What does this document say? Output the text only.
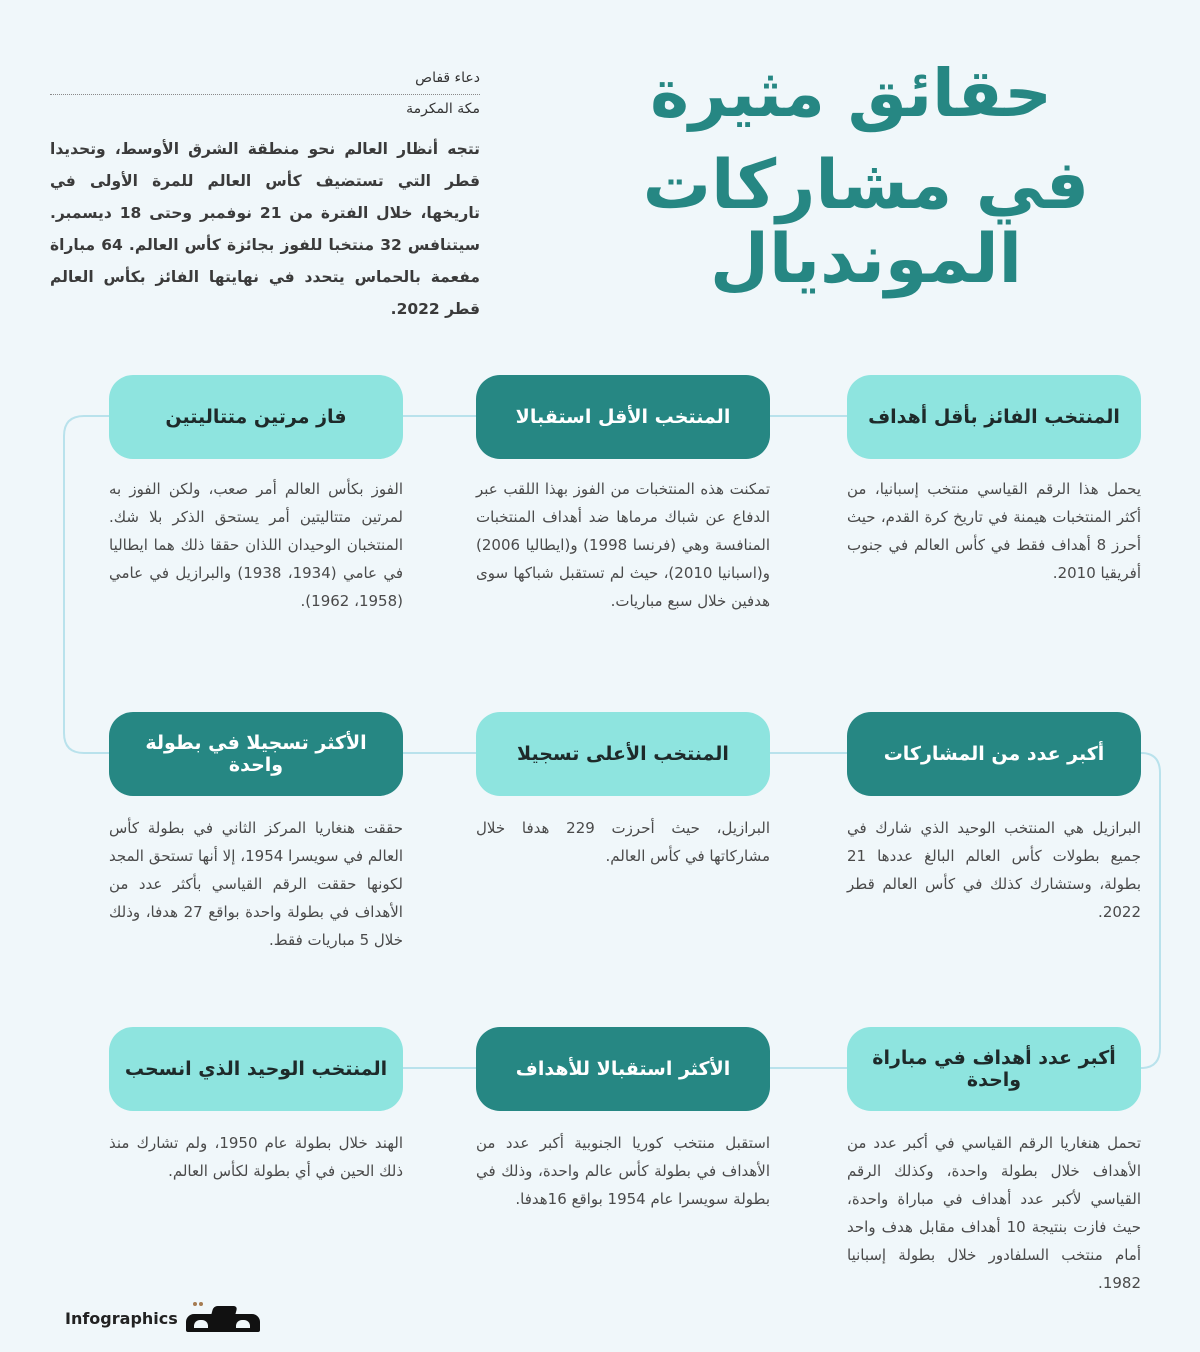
حقائق مثيرة
في مشاركات المونديال
دعاء قفاص
مكة المكرمة

تتجه أنظار العالم نحو منطقة الشرق الأوسط، وتحديدا قطر التي تستضيف كأس العالم للمرة الأولى في تاريخها، خلال الفترة من 21 نوفمبر وحتى 18 ديسمبر. سيتنافس 32 منتخبا للفوز بجائزة كأس العالم. 64 مباراة مفعمة بالحماس يتحدد في نهايتها الفائز بكأس العالم قطر 2022.

المنتخب الفائز بأقل أهداف

يحمل هذا الرقم القياسي منتخب إسبانيا، من أكثر المنتخبات هيمنة في تاريخ كرة القدم، حيث أحرز 8 أهداف فقط في كأس العالم في جنوب أفريقيا 2010.

المنتخب الأقل استقبالا

تمكنت هذه المنتخبات من الفوز بهذا اللقب عبر الدفاع عن شباك مرماها ضد أهداف المنتخبات المنافسة وهي (فرنسا 1998) و(ايطاليا 2006) و(اسبانيا 2010)، حيث لم تستقبل شباكها سوى هدفين خلال سبع مباريات.

فاز مرتين متتاليتين

الفوز بكأس العالم أمر صعب، ولكن الفوز به لمرتين متتاليتين أمر يستحق الذكر بلا شك. المنتخبان الوحيدان اللذان حققا ذلك هما ايطاليا في عامي (1934، 1938) والبرازيل في عامي (1958، 1962).

أكبر عدد من المشاركات

البرازيل هي المنتخب الوحيد الذي شارك في جميع بطولات كأس العالم البالغ عددها 21 بطولة، وستشارك كذلك في كأس العالم قطر 2022.

المنتخب الأعلى تسجيلا

البرازيل، حيث أحرزت 229 هدفا خلال مشاركاتها في كأس العالم.

الأكثر تسجيلا في بطولة واحدة

حققت هنغاريا المركز الثاني في بطولة كأس العالم في سويسرا 1954، إلا أنها تستحق المجد لكونها حققت الرقم القياسي بأكثر عدد من الأهداف في بطولة واحدة بواقع 27 هدفا، وذلك خلال 5 مباريات فقط.

أكبر عدد أهداف في مباراة واحدة

تحمل هنغاريا الرقم القياسي في أكبر عدد من الأهداف خلال بطولة واحدة، وكذلك الرقم القياسي لأكبر عدد أهداف في مباراة واحدة، حيث فازت بنتيجة 10 أهداف مقابل هدف واحد أمام منتخب السلفادور خلال بطولة إسبانيا 1982.

الأكثر استقبالا للأهداف

استقبل منتخب كوريا الجنوبية أكبر عدد من الأهداف في بطولة كأس عالم واحدة، وذلك في بطولة سويسرا عام 1954 بواقع 16هدفا.

المنتخب الوحيد الذي انسحب

الهند خلال بطولة عام 1950، ولم تشارك منذ ذلك الحين في أي بطولة لكأس العالم.

Infographics
